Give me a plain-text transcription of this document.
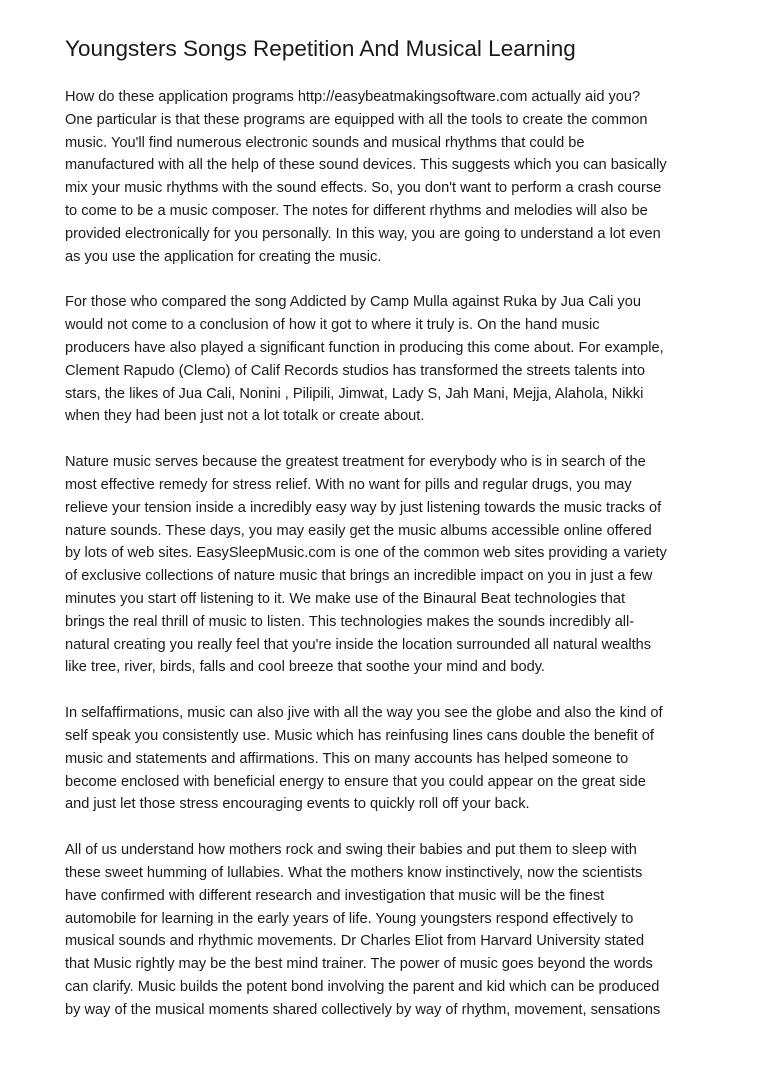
Youngsters Songs Repetition And Musical Learning

How do these application programs http://easybeatmakingsoftware.com actually aid you?
One particular is that these programs are equipped with all the tools to create the common
music. You'll find numerous electronic sounds and musical rhythms that could be
manufactured with all the help of these sound devices. This suggests which you can basically
mix your music rhythms with the sound effects. So, you don't want to perform a crash course
to come to be a music composer. The notes for different rhythms and melodies will also be
provided electronically for you personally. In this way, you are going to understand a lot even
as you use the application for creating the music.

For those who compared the song Addicted by Camp Mulla against Ruka by Jua Cali you
would not come to a conclusion of how it got to where it truly is. On the hand music
producers have also played a significant function in producing this come about. For example,
Clement Rapudo (Clemo) of Calif Records studios has transformed the streets talents into
stars, the likes of Jua Cali, Nonini , Pilipili, Jimwat, Lady S, Jah Mani, Mejja, Alahola, Nikki
when they had been just not a lot totalk or create about.

Nature music serves because the greatest treatment for everybody who is in search of the
most effective remedy for stress relief. With no want for pills and regular drugs, you may
relieve your tension inside a incredibly easy way by just listening towards the music tracks of
nature sounds. These days, you may easily get the music albums accessible online offered
by lots of web sites. EasySleepMusic.com is one of the common web sites providing a variety
of exclusive collections of nature music that brings an incredible impact on you in just a few
minutes you start off listening to it. We make use of the Binaural Beat technologies that
brings the real thrill of music to listen. This technologies makes the sounds incredibly all-
natural creating you really feel that you're inside the location surrounded all natural wealths
like tree, river, birds, falls and cool breeze that soothe your mind and body.

In selfaffirmations, music can also jive with all the way you see the globe and also the kind of
self speak you consistently use. Music which has reinfusing lines cans double the benefit of
music and statements and affirmations. This on many accounts has helped someone to
become enclosed with beneficial energy to ensure that you could appear on the great side
and just let those stress encouraging events to quickly roll off your back.

All of us understand how mothers rock and swing their babies and put them to sleep with
these sweet humming of lullabies. What the mothers know instinctively, now the scientists
have confirmed with different research and investigation that music will be the finest
automobile for learning in the early years of life. Young youngsters respond effectively to
musical sounds and rhythmic movements. Dr Charles Eliot from Harvard University stated
that Music rightly may be the best mind trainer. The power of music goes beyond the words
can clarify. Music builds the potent bond involving the parent and kid which can be produced
by way of the musical moments shared collectively by way of rhythm, movement, sensations
